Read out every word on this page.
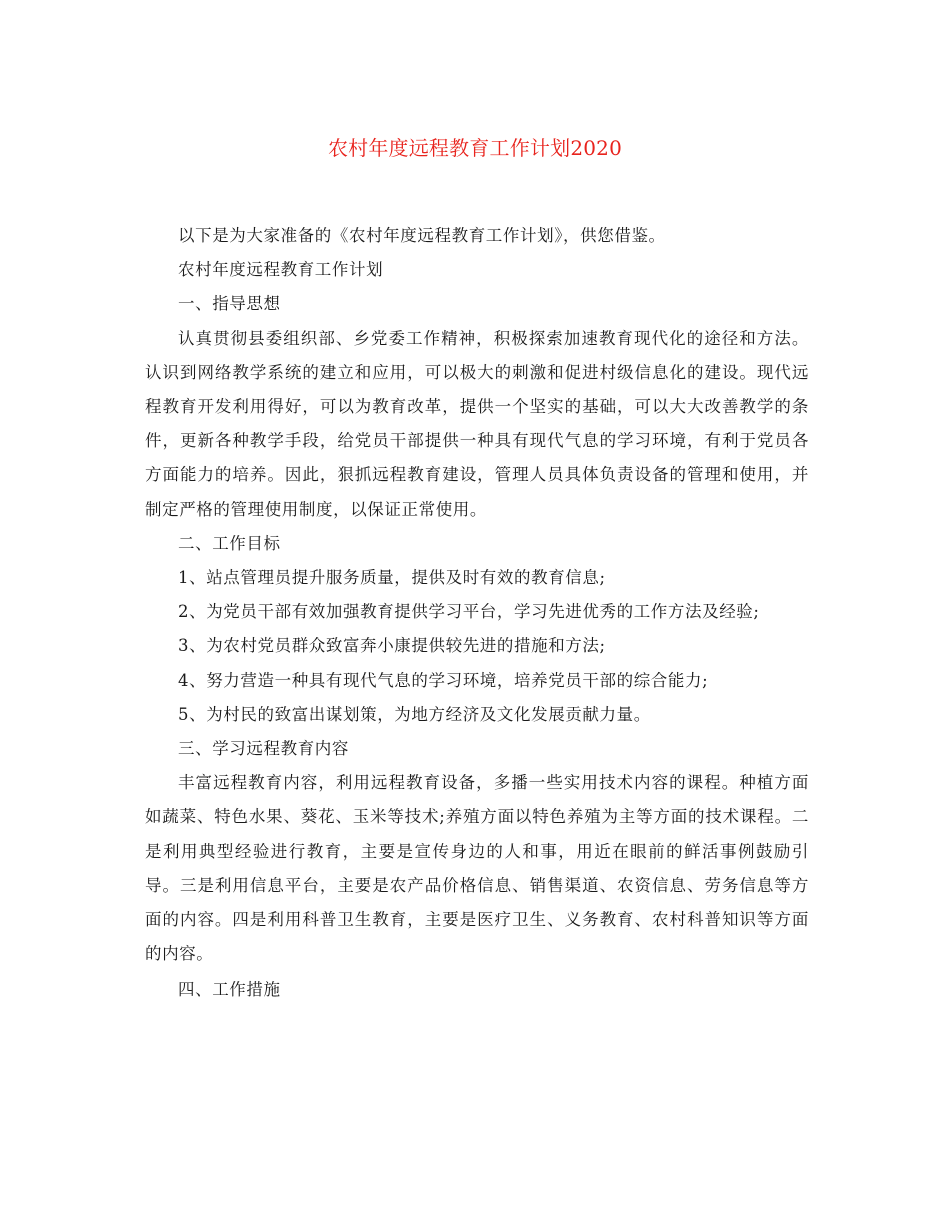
农村年度远程教育工作计划2020

以下是为大家准备的《农村年度远程教育工作计划》，供您借鉴。

农村年度远程教育工作计划

一、指导思想

认真贯彻县委组织部、乡党委工作精神，积极探索加速教育现代化的途径和方法。认识到网络教学系统的建立和应用，可以极大的刺激和促进村级信息化的建设。现代远程教育开发利用得好，可以为教育改革，提供一个坚实的基础，可以大大改善教学的条件，更新各种教学手段，给党员干部提供一种具有现代气息的学习环境，有利于党员各方面能力的培养。因此，狠抓远程教育建设，管理人员具体负责设备的管理和使用，并制定严格的管理使用制度，以保证正常使用。

二、工作目标

1、站点管理员提升服务质量，提供及时有效的教育信息;

2、为党员干部有效加强教育提供学习平台，学习先进优秀的工作方法及经验;

3、为农村党员群众致富奔小康提供较先进的措施和方法;

4、努力营造一种具有现代气息的学习环境，培养党员干部的综合能力;

5、为村民的致富出谋划策，为地方经济及文化发展贡献力量。

三、学习远程教育内容

丰富远程教育内容，利用远程教育设备，多播一些实用技术内容的课程。种植方面如蔬菜、特色水果、葵花、玉米等技术;养殖方面以特色养殖为主等方面的技术课程。二是利用典型经验进行教育，主要是宣传身边的人和事，用近在眼前的鲜活事例鼓励引导。三是利用信息平台，主要是农产品价格信息、销售渠道、农资信息、劳务信息等方面的内容。四是利用科普卫生教育，主要是医疗卫生、义务教育、农村科普知识等方面的内容。

四、工作措施
